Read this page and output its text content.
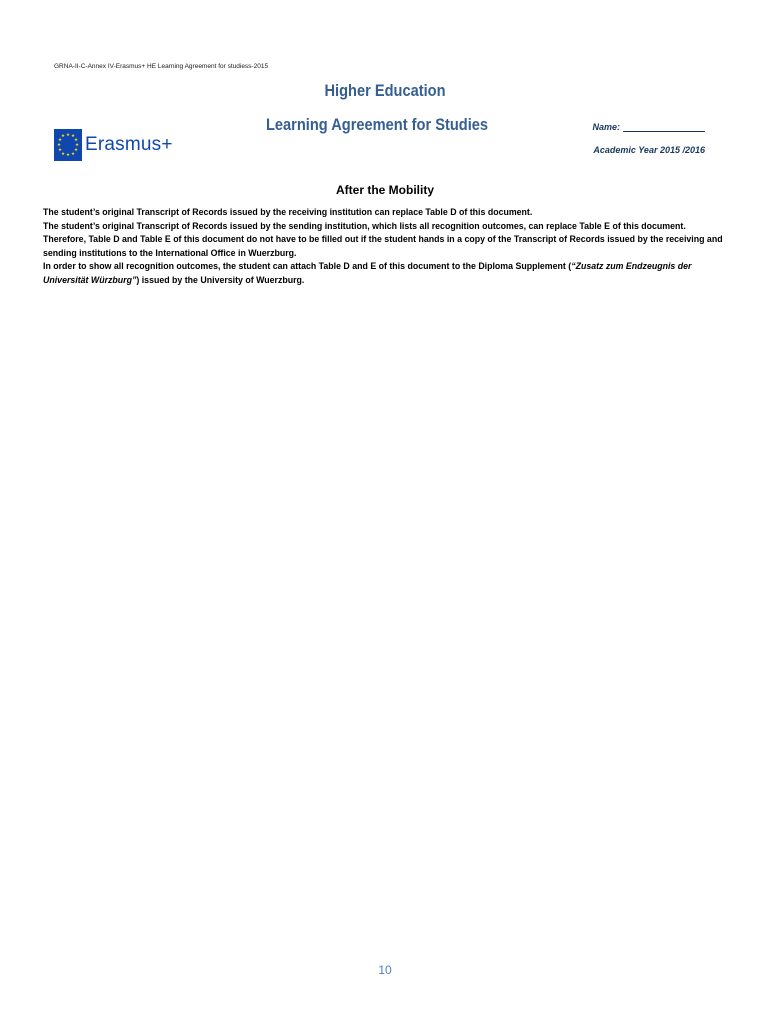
GRNA-II-C-Annex IV-Erasmus+ HE Learning Agreement for studiess-2015
★ ★
★
★
★
★
★
★
★
★
★
★ Erasmus+
Higher Education
Learning Agreement for Studies	Name:
Academic Year 2015 /2016
After the Mobility

The student’s original Transcript of Records issued by the receiving institution can replace Table D of this document.

The student’s original Transcript of Records issued by the sending institution, which lists all recognition outcomes, can replace Table E of this document.

Therefore, Table D and Table E of this document do not have to be filled out if the student hands in a copy of the Transcript of Records issued by the receiving and sending institutions to the International Office in Wuerzburg.

In order to show all recognition outcomes, the student can attach Table D and E of this document to the Diploma Supplement (“Zusatz zum Endzeugnis der Universität Würzburg”) issued by the University of Wuerzburg.

10
